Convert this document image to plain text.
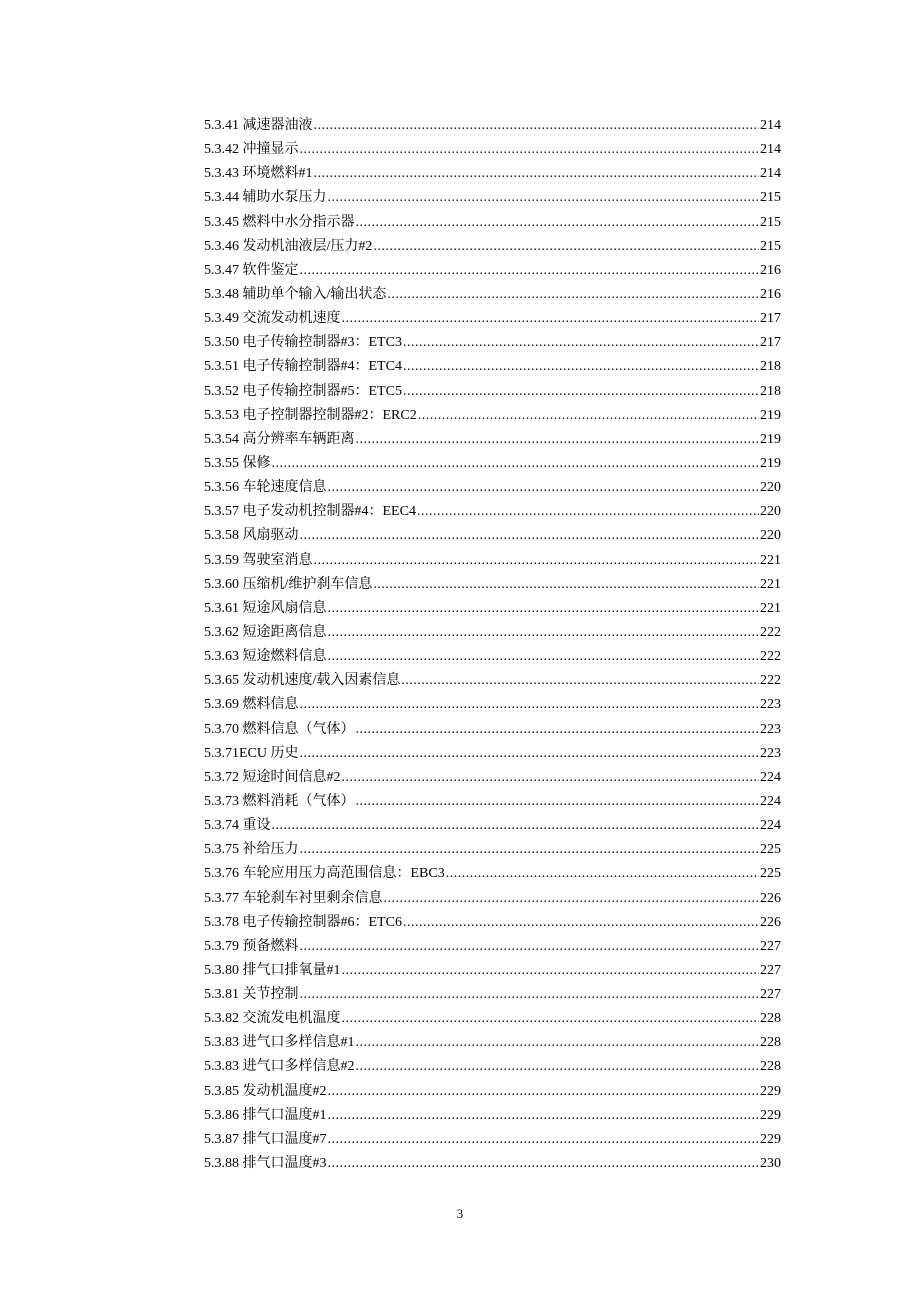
5.3.41 减速器油液 .....	214
5.3.42 冲撞显示 .....	214
5.3.43 环境燃料#1 .....	214
5.3.44 辅助水泵压力 .....	215
5.3.45 燃料中水分指示器 .....	215
5.3.46 发动机油液层/压力#2 .....	215
5.3.47 软件鉴定 .....	216
5.3.48 辅助单个输入/输出状态 .....	216
5.3.49 交流发动机速度 .....	217
5.3.50 电子传输控制器#3：ETC3 .....	217
5.3.51 电子传输控制器#4：ETC4 .....	218
5.3.52 电子传输控制器#5：ETC5 .....	218
5.3.53 电子控制器控制器#2：ERC2 .....	219
5.3.54 高分辨率车辆距离 .....	219
5.3.55 保修 .....	219
5.3.56 车轮速度信息 .....	220
5.3.57 电子发动机控制器#4：EEC4 .....	220
5.3.58 风扇驱动 .....	220
5.3.59 驾驶室消息 .....	221
5.3.60 压缩机/维护刹车信息 .....	221
5.3.61 短途风扇信息 .....	221
5.3.62 短途距离信息 .....	222
5.3.63 短途燃料信息 .....	222
5.3.65 发动机速度/载入因素信息 .....	222
5.3.69 燃料信息 .....	223
5.3.70 燃料信息（气体） .....	223
5.3.71ECU 历史 .....	223
5.3.72 短途时间信息#2 .....	224
5.3.73 燃料消耗（气体） .....	224
5.3.74 重设 .....	224
5.3.75 补给压力 .....	225
5.3.76 车轮应用压力高范围信息：EBC3 .....	225
5.3.77 车轮刹车衬里剩余信息 .....	226
5.3.78 电子传输控制器#6：ETC6 .....	226
5.3.79 预备燃料 .....	227
5.3.80 排气口排氧量#1 .....	227
5.3.81 关节控制 .....	227
5.3.82 交流发电机温度 .....	228
5.3.83 进气口多样信息#1 .....	228
5.3.83 进气口多样信息#2 .....	228
5.3.85 发动机温度#2 .....	229
5.3.86 排气口温度#1 .....	229
5.3.87 排气口温度#7 .....	229
5.3.88 排气口温度#3 .....	230
3
